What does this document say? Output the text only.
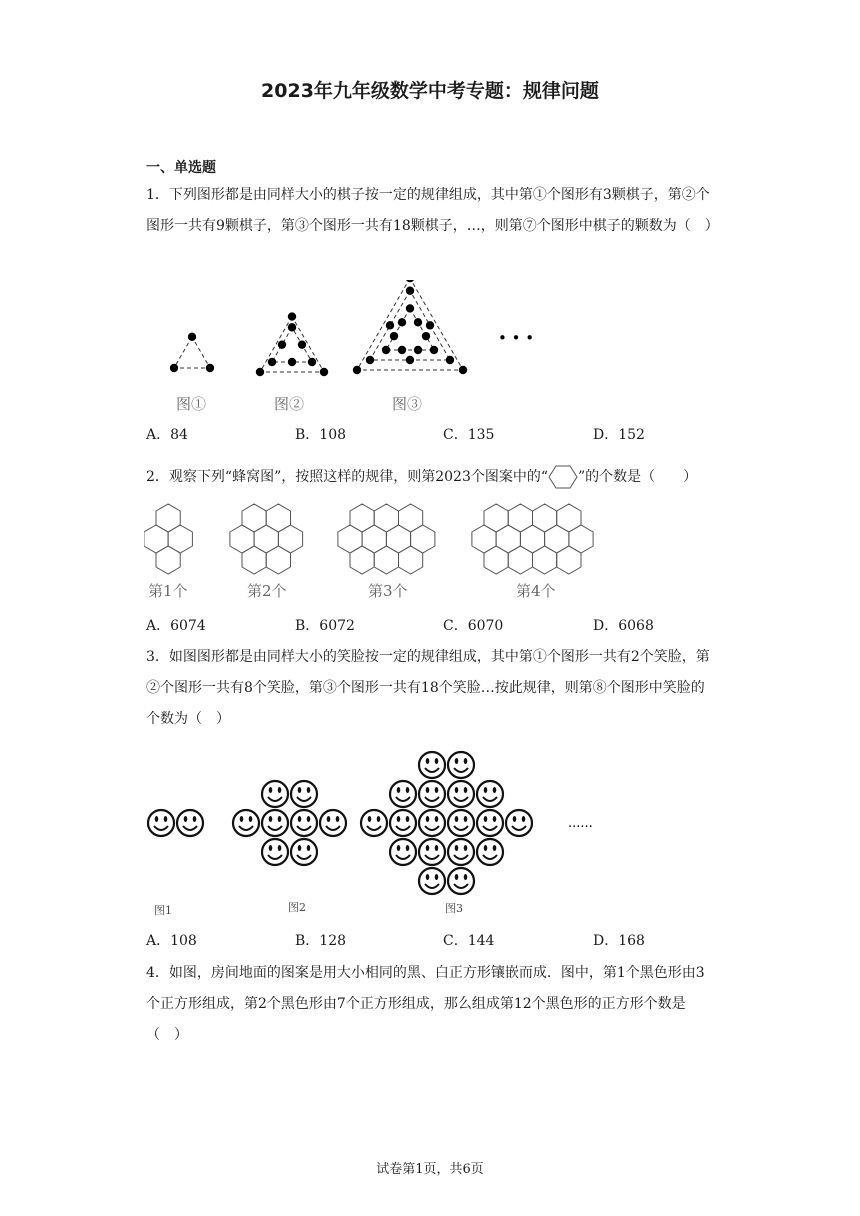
2023年九年级数学中考专题：规律问题
一、单选题
1．下列图形都是由同样大小的棋子按一定的规律组成，其中第①个图形有3颗棋子，第②个图形一共有9颗棋子，第③个图形一共有18颗棋子，…，则第⑦个图形中棋子的颗数为（　）
图①	图②	图③
• • •
A．84	B．108	C．135	D．152
2．观察下列“蜂窝图”，按照这样的规律，则第2023个图案中的“ ”的个数是（　　）
第1个	第2个	第3个	第4个
A．6074	B．6072	C．6070	D．6068
3．如图图形都是由同样大小的笑脸按一定的规律组成，其中第①个图形一共有2个笑脸，第②个图形一共有8个笑脸，第③个图形一共有18个笑脸…按此规律，则第⑧个图形中笑脸的个数为（　）
......
图1	图2	图3
A．108	B．128	C．144	D．168
4．如图，房间地面的图案是用大小相同的黑、白正方形镶嵌而成．图中，第1个黑色形由3个正方形组成，第2个黑色形由7个正方形组成，那么组成第12个黑色形的正方形个数是（　）
试卷第1页，共6页
